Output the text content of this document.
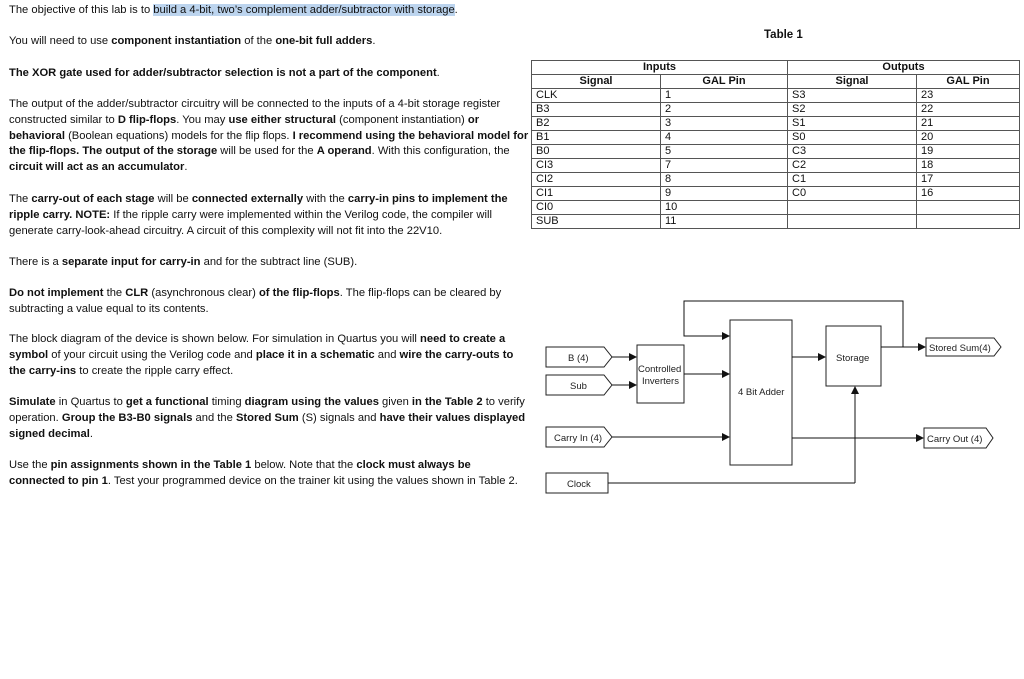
The objective of this lab is to build a 4-bit, two’s complement adder/subtractor with storage.

You will need to use component instantiation of the one-bit full adders.

The XOR gate used for adder/subtractor selection is not a part of the component.

The output of the adder/subtractor circuitry will be connected to the inputs of a 4-bit storage register constructed similar to D flip-flops. You may use either structural (component instantiation) or behavioral (Boolean equations) models for the flip flops. I recommend using the behavioral model for the flip-flops. The output of the storage will be used for the A operand. With this configuration, the circuit will act as an accumulator.

The carry-out of each stage will be connected externally with the carry-in pins to implement the ripple carry. NOTE: If the ripple carry were implemented within the Verilog code, the compiler will generate carry-look-ahead circuitry. A circuit of this complexity will not fit into the 22V10.

There is a separate input for carry-in and for the subtract line (SUB).

Do not implement the CLR (asynchronous clear) of the flip-flops. The flip-flops can be cleared by subtracting a value equal to its contents.

The block diagram of the device is shown below. For simulation in Quartus you will need to create a symbol of your circuit using the Verilog code and place it in a schematic and wire the carry-outs to the carry-ins to create the ripple carry effect.

Simulate in Quartus to get a functional timing diagram using the values given in the Table 2 to verify operation. Group the B3-B0 signals and the Stored Sum (S) signals and have their values displayed signed decimal.

Use the pin assignments shown in the Table 1 below. Note that the clock must always be connected to pin 1. Test your programmed device on the trainer kit using the values shown in Table 2.

Table 1
Inputs		Outputs	
Signal	GAL Pin	Signal	GAL Pin
CLK	1	S3	23
B3	2	S2	22
B2	3	S1	21
B1	4	S0	20
B0	5	C3	19
CI3	7	C2	18
CI2	8	C1	17
CI1	9	C0	16
CI0	10		
SUB	11		
B (4)
Sub
Carry In (4)
Clock
Controlled
Inverters
4 Bit Adder
Storage
Stored Sum(4)
Carry Out (4)
